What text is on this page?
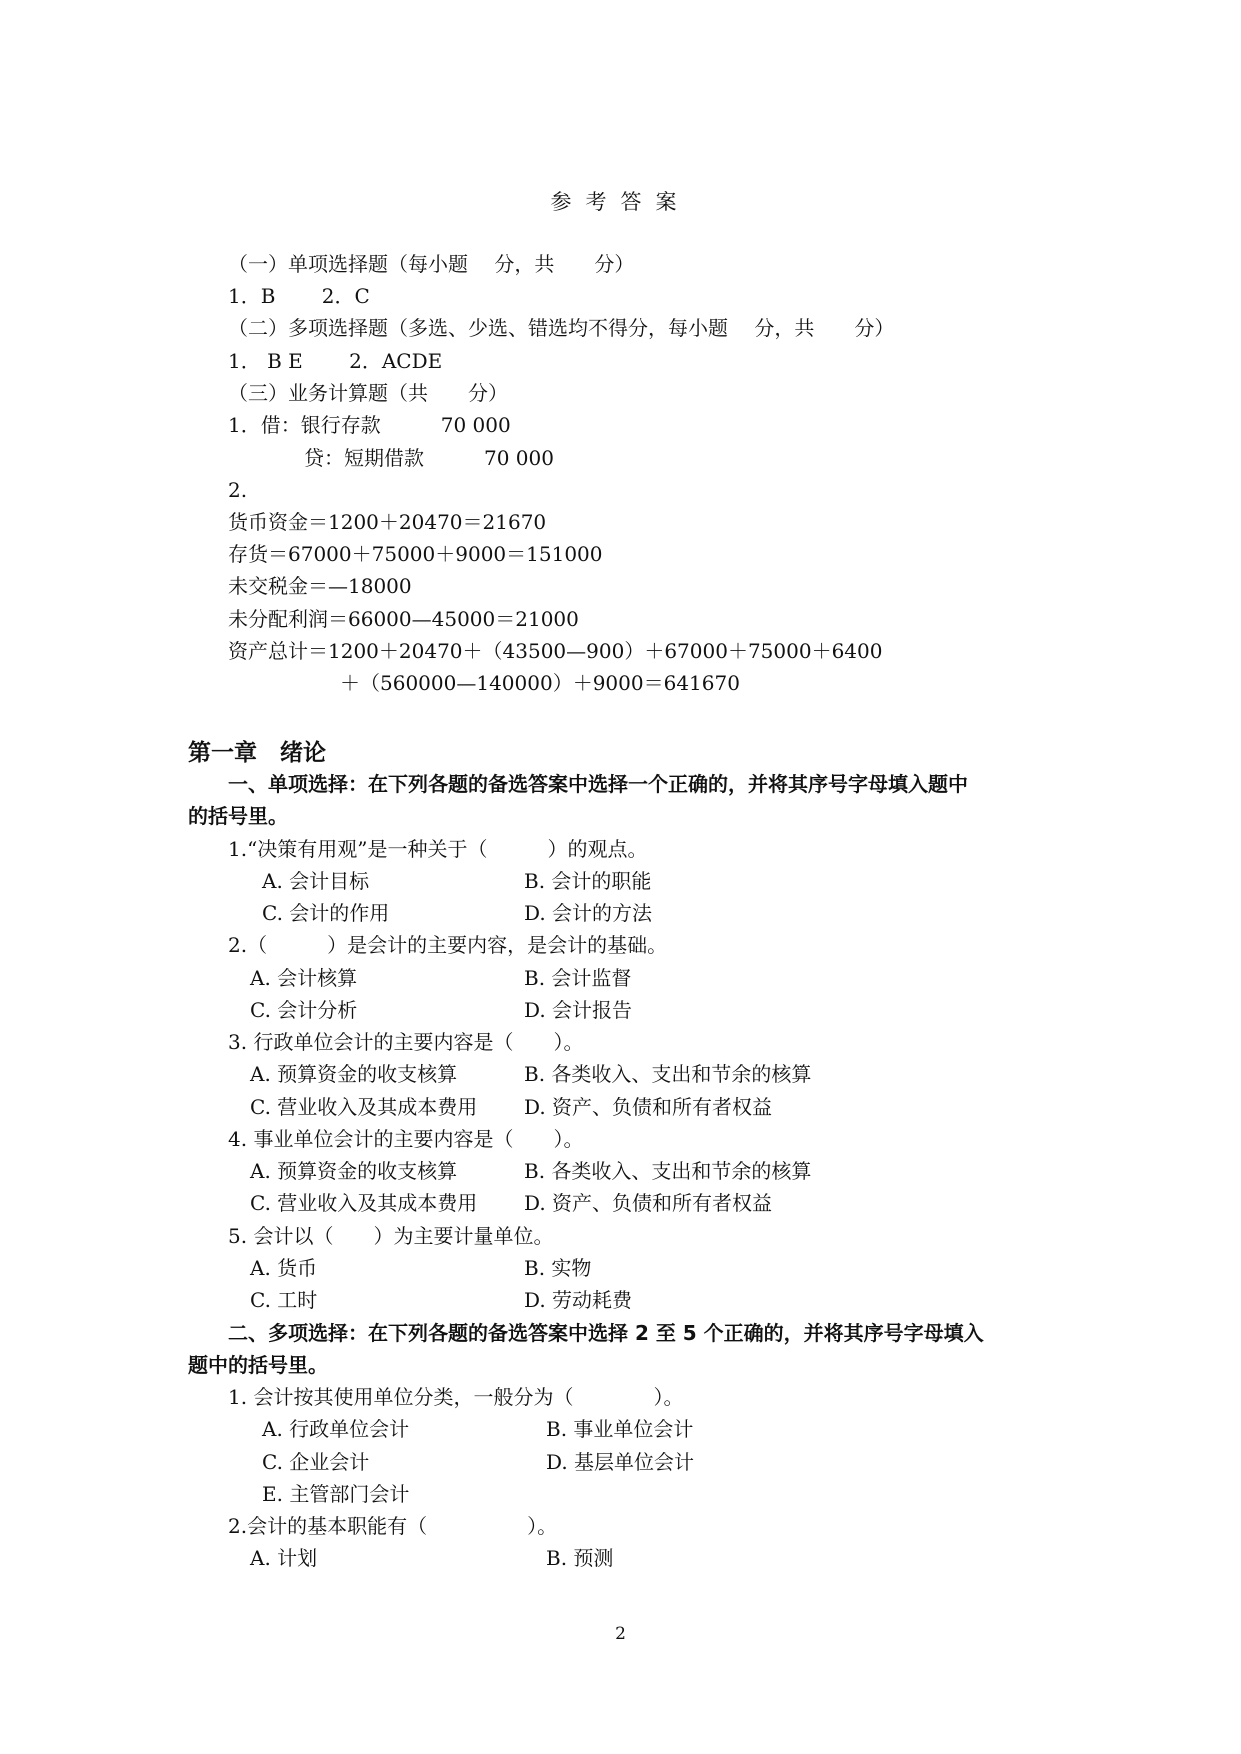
参考答案
（一）单项选择题（每小题　 分，共　　分）
1．B　　 2．C
（二）多项选择题（多选、少选、错选均不得分，每小题　 分，共　　分）
1． B E　　 2．ACDE
（三）业务计算题（共　　分）
1．借：银行存款　　　70 000
贷：短期借款　　　70 000
2.
货币资金＝1200＋20470＝21670
存货＝67000＋75000＋9000＝151000
未交税金＝—18000
未分配利润＝66000—45000＝21000
资产总计＝1200＋20470＋（43500—900）＋67000＋75000＋6400
＋（560000—140000）＋9000＝641670
第一章　绪论
一、单项选择：在下列各题的备选答案中选择一个正确的，并将其序号字母填入题中
的括号里。
1.“决策有用观”是一种关于（　　　）的观点。
A. 会计目标	B. 会计的职能
C. 会计的作用	D. 会计的方法
2.（　　　）是会计的主要内容，是会计的基础。
A. 会计核算	B. 会计监督
C. 会计分析	D. 会计报告
3. 行政单位会计的主要内容是（　　）。
A. 预算资金的收支核算	B. 各类收入、支出和节余的核算
C. 营业收入及其成本费用 D. 资产、负债和所有者权益
4. 事业单位会计的主要内容是（　　）。
A. 预算资金的收支核算	B. 各类收入、支出和节余的核算
C. 营业收入及其成本费用 D. 资产、负债和所有者权益
5. 会计以（　　）为主要计量单位。
A. 货币	B. 实物
C. 工时	D. 劳动耗费
二、多项选择：在下列各题的备选答案中选择 2 至 5 个正确的，并将其序号字母填入
题中的括号里。
1. 会计按其使用单位分类，一般分为（　　　　）。
A. 行政单位会计	B. 事业单位会计
C. 企业会计	D. 基层单位会计
E. 主管部门会计
2.会计的基本职能有（　　　　　）。
A. 计划	B. 预测
2
